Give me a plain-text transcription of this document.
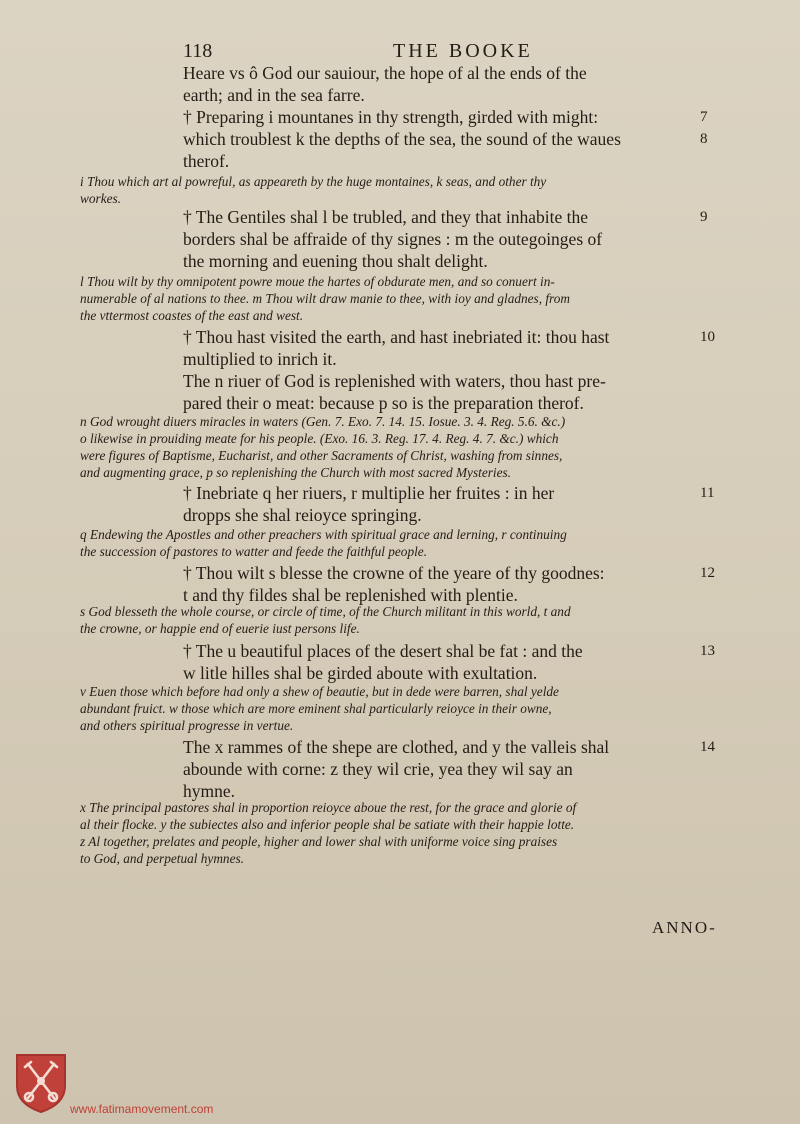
118	THE BOOKE
Heare vs ô God our sauiour, the hope of al the ends of the
earth; and in the sea farre.
† Preparing i mountanes in thy strength, girded with might:	7
which troublest k the depths of the sea, the sound of the waues	8
therof.
i Thou which art al powreful, as appeareth by the huge montaines, k seas, and other thy
workes.
† The Gentiles shal l be trubled, and they that inhabite the	9
borders shal be affraide of thy signes : m the outegoinges of
the morning and euening thou shalt delight.
l Thou wilt by thy omnipotent powre moue the hartes of obdurate men, and so conuert in-
numerable of al nations to thee. m Thou wilt draw manie to thee, with ioy and gladnes, from
the vttermost coastes of the east and west.
† Thou hast visited the earth, and hast inebriated it: thou hast	10
multiplied to inrich it.
The n riuer of God is replenished with waters, thou hast pre-
pared their o meat: because p so is the preparation therof.
n God wrought diuers miracles in waters (Gen. 7. Exo. 7. 14. 15. Iosue. 3. 4. Reg. 5.6. &c.)
o likewise in prouiding meate for his people. (Exo. 16. 3. Reg. 17. 4. Reg. 4. 7. &c.) which
were figures of Baptisme, Eucharist, and other Sacraments of Christ, washing from sinnes,
and augmenting grace, p so replenishing the Church with most sacred Mysteries.
† Inebriate q her riuers, r multiplie her fruites : in her	11
dropps she shal reioyce springing.
q Endewing the Apostles and other preachers with spiritual grace and lerning, r continuing
the succession of pastores to watter and feede the faithful people.
† Thou wilt s blesse the crowne of the yeare of thy goodnes:	12
t and thy fildes shal be replenished with plentie.
s God blesseth the whole course, or circle of time, of the Church militant in this world, t and
the crowne, or happie end of euerie iust persons life.
† The u beautiful places of the desert shal be fat : and the	13
w litle hilles shal be girded aboute with exultation.
v Euen those which before had only a shew of beautie, but in dede were barren, shal yelde
abundant fruict. w those which are more eminent shal particularly reioyce in their owne,
and others spiritual progresse in vertue.
The x rammes of the shepe are clothed, and y the valleis shal	14
abounde with corne: z they wil crie, yea they wil say an
hymne.
x The principal pastores shal in proportion reioyce aboue the rest, for the grace and glorie of
al their flocke. y the subiectes also and inferior people shal be satiate with their happie lotte.
z Al together, prelates and people, higher and lower shal with uniforme voice sing praises
to God, and perpetual hymnes.
ANNO-
www.fatimamovement.com
